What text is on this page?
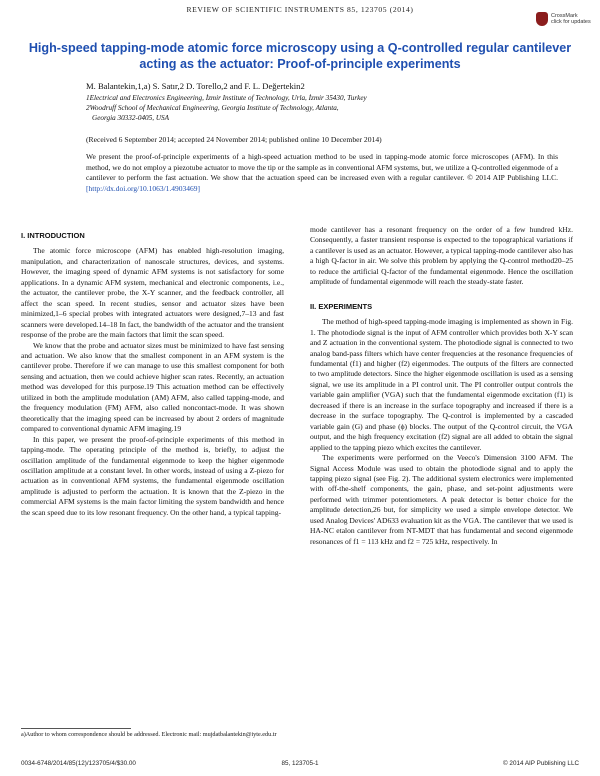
REVIEW OF SCIENTIFIC INSTRUMENTS 85, 123705 (2014)
CrossMark
click for updates
High-speed tapping-mode atomic force microscopy using a Q-controlled regular cantilever acting as the actuator: Proof-of-principle experiments
M. Balantekin,1,a) S. Satır,2 D. Torello,2 and F. L. Değertekin2
1Electrical and Electronics Engineering, İzmir Institute of Technology, Urla, İzmir 35430, Turkey
2Woodruff School of Mechanical Engineering, Georgia Institute of Technology, Atlanta,
Georgia 30332-0405, USA
(Received 6 September 2014; accepted 24 November 2014; published online 10 December 2014)
We present the proof-of-principle experiments of a high-speed actuation method to be used in tapping-mode atomic force microscopes (AFM). In this method, we do not employ a piezotube actuator to move the tip or the sample as in conventional AFM systems, but, we utilize a Q-controlled eigenmode of a cantilever to perform the fast actuation. We show that the actuation speed can be increased even with a regular cantilever. © 2014 AIP Publishing LLC. [http://dx.doi.org/10.1063/1.4903469]
I. INTRODUCTION

The atomic force microscope (AFM) has enabled high-resolution imaging, manipulation, and characterization of nanoscale structures, devices, and systems. However, the imaging speed of dynamic AFM systems is not satisfactory for some applications. In a dynamic AFM system, mechanical and electronic components, i.e., the actuator, the cantilever probe, the X-Y scanner, and the feedback controller, all affect the scan speed. In recent studies, sensor and actuator sizes have been minimized,1–6 special probes with integrated actuators were designed,7–13 and fast scanners were developed.14–18 In fact, the bandwidth of the actuator and the transient response of the probe are the main factors that limit the scan speed.

We know that the probe and actuator sizes must be minimized to have fast sensing and actuation. We also know that the smallest component in an AFM system is the cantilever probe. Therefore if we can manage to use this smallest component for both sensing and actuation, then we could achieve higher scan rates. Recently, an actuation method was developed for this purpose.19 This actuation method can be effectively utilized in both the amplitude modulation (AM) AFM, also called tapping-mode, and the frequency modulation (FM) AFM, also called noncontact-mode. It was shown theoretically that the imaging speed can be increased by about 2 orders of magnitude compared to conventional dynamic AFM imaging.19

In this paper, we present the proof-of-principle experiments of this method in tapping-mode. The operating principle of the method is, briefly, to adjust the oscillation amplitude of the fundamental eigenmode to keep the higher eigenmode oscillation amplitude at a constant level. In other words, instead of using a Z-piezo for actuation as in conventional AFM systems, the fundamental eigenmode oscillation amplitude is adjusted to perform the actuation. It is known that the Z-piezo in the commercial AFM systems is the main factor limiting the system bandwidth and hence the scan speed due to its low resonant frequency. On the other hand, a typical tapping-

mode cantilever has a resonant frequency on the order of a few hundred kHz. Consequently, a faster transient response is expected to the topographical variations if a cantilever is used as an actuator. However, a typical tapping-mode cantilever also has a high Q-factor in air. We solve this problem by applying the Q-control method20–25 to reduce the artificial Q-factor of the fundamental eigenmode. Hence the oscillation amplitude of fundamental eigenmode will reach the steady-state faster.

II. EXPERIMENTS

The method of high-speed tapping-mode imaging is implemented as shown in Fig. 1. The photodiode signal is the input of AFM controller which provides both X-Y scan and Z actuation in the conventional system. The photodiode signal is connected to two analog band-pass filters which have center frequencies at the resonance frequencies of fundamental (f1) and higher (f2) eigenmodes. The outputs of the filters are connected to two amplitude detectors. Since the higher eigenmode oscillation is used as a sensing signal, we use its amplitude in a PI control unit. The PI controller output controls the variable gain amplifier (VGA) such that the fundamental eigenmode excitation (f1) is decreased if there is an increase in the surface topography and increased if there is a decrease in the surface topography. The Q-control is implemented by a cascaded variable gain (G) and phase (ϕ) blocks. The output of the Q-control circuit, the VGA output, and the high frequency excitation (f2) signal are all added to obtain the signal applied to the tapping piezo which excites the cantilever.

The experiments were performed on the Veeco's Dimension 3100 AFM. The Signal Access Module was used to obtain the photodiode signal and to apply the tapping piezo signal (see Fig. 2). The additional system electronics were implemented with off-the-shelf components, the gain, phase, and set-point adjustments were performed with trimmer potentiometers. A peak detector is better choice for the amplitude detection,26 but, for simplicity we used a simple envelope detector. We used Analog Devices' AD633 evaluation kit as the VGA. The cantilever that we used is HA-NC etalon cantilever from NT-MDT that has fundamental and second eigenmode resonances of f1 = 113 kHz and f2 = 725 kHz, respectively. In

a)Author to whom correspondence should be addressed. Electronic mail: mujdatbalantekin@iyte.edu.tr
0034-6748/2014/85(12)/123705/4/$30.00	85, 123705-1	© 2014 AIP Publishing LLC
